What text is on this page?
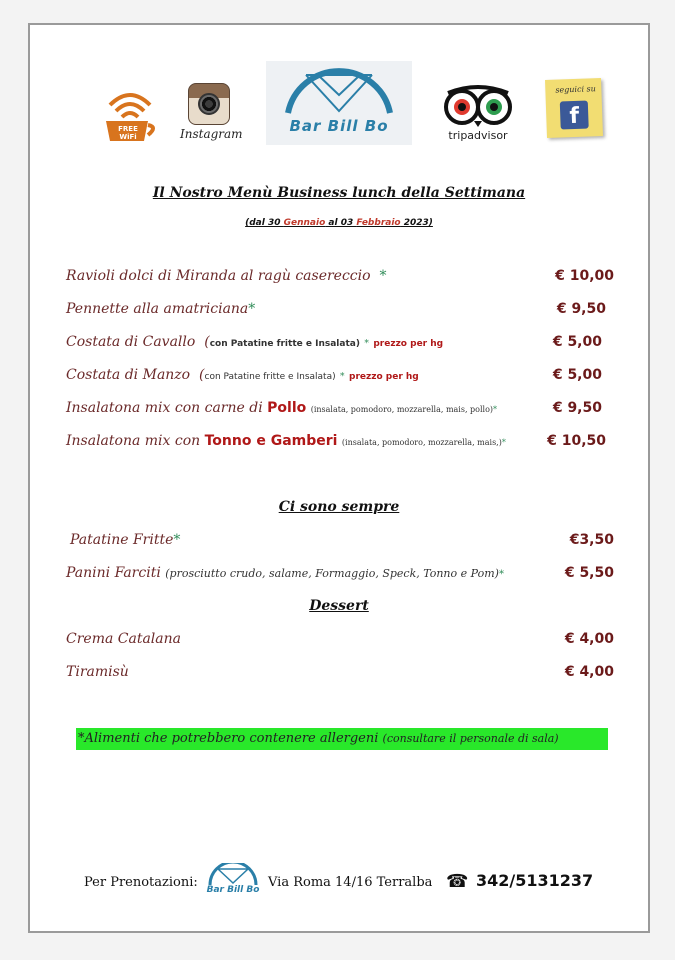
FREE WiFi	Instagram	Bar Bill Bo
tripadvisor
seguici su
f
Il Nostro Menù Business lunch della Settimana
(dal 30 Gennaio al 03 Febbraio 2023)
Ravioli dolci di Miranda al ragù casereccio *	€ 10,00
Pennette alla amatriciana*	€ 9,50
Costata di Cavallo (con Patatine fritte e Insalata) * prezzo per hg	€ 5,00
Costata di Manzo (con Patatine fritte e Insalata) * prezzo per hg	€ 5,00
Insalatona mix con carne di Pollo (insalata, pomodoro, mozzarella, mais, pollo)*	€ 9,50
Insalatona mix con Tonno e Gamberi (insalata, pomodoro, mozzarella, mais,)*	€ 10,50
Ci sono sempre
Patatine Fritte*	€3,50
Panini Farciti (prosciutto crudo, salame, Formaggio, Speck, Tonno e Pom)*	€ 5,50
Dessert
Crema Catalana	€ 4,00
Tiramisù	€ 4,00
*Alimenti che potrebbero contenere allergeni (consultare il personale di sala)
Per Prenotazioni: Bar Bill Bo Via Roma 14/16 Terralba ☎ 342/5131237
